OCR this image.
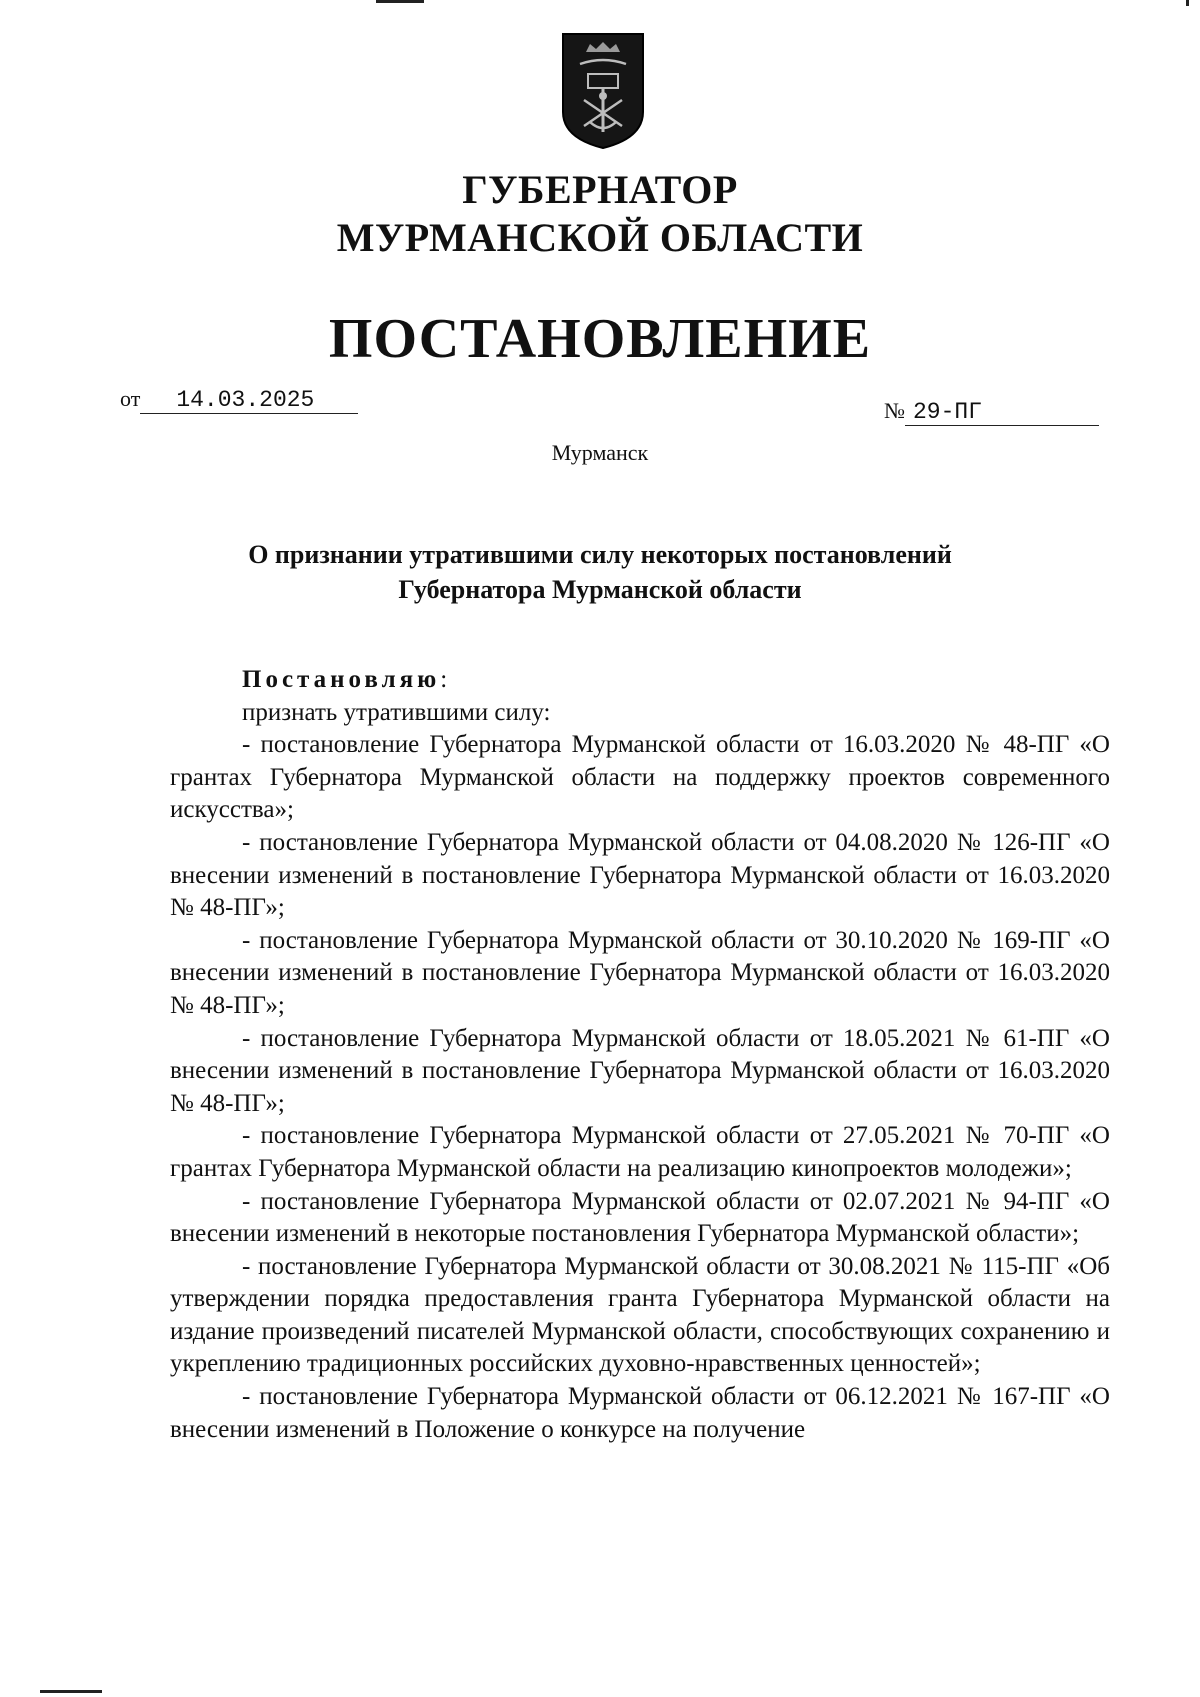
ГУБЕРНАТОР
МУРМАНСКОЙ ОБЛАСТИ
ПОСТАНОВЛЕНИЕ
от 14.03.2025	№ 29-ПГ
Мурманск
О признании утратившими силу некоторых постановлений
Губернатора Мурманской области

Постановляю:

признать утратившими силу:

- постановление Губернатора Мурманской области от 16.03.2020 № 48-ПГ «О грантах Губернатора Мурманской области на поддержку проектов современного искусства»;

- постановление Губернатора Мурманской области от 04.08.2020 № 126-ПГ «О внесении изменений в постановление Губернатора Мурманской области от 16.03.2020 № 48-ПГ»;

- постановление Губернатора Мурманской области от 30.10.2020 № 169-ПГ «О внесении изменений в постановление Губернатора Мурманской области от 16.03.2020 № 48-ПГ»;

- постановление Губернатора Мурманской области от 18.05.2021 № 61-ПГ «О внесении изменений в постановление Губернатора Мурманской области от 16.03.2020 № 48-ПГ»;

- постановление Губернатора Мурманской области от 27.05.2021 № 70-ПГ «О грантах Губернатора Мурманской области на реализацию кинопроектов молодежи»;

- постановление Губернатора Мурманской области от 02.07.2021 № 94-ПГ «О внесении изменений в некоторые постановления Губернатора Мурманской области»;

- постановление Губернатора Мурманской области от 30.08.2021 № 115-ПГ «Об утверждении порядка предоставления гранта Губернатора Мурманской области на издание произведений писателей Мурманской области, способствующих сохранению и укреплению традиционных российских духовно-нравственных ценностей»;

- постановление Губернатора Мурманской области от 06.12.2021 № 167-ПГ «О внесении изменений в Положение о конкурсе на получение
